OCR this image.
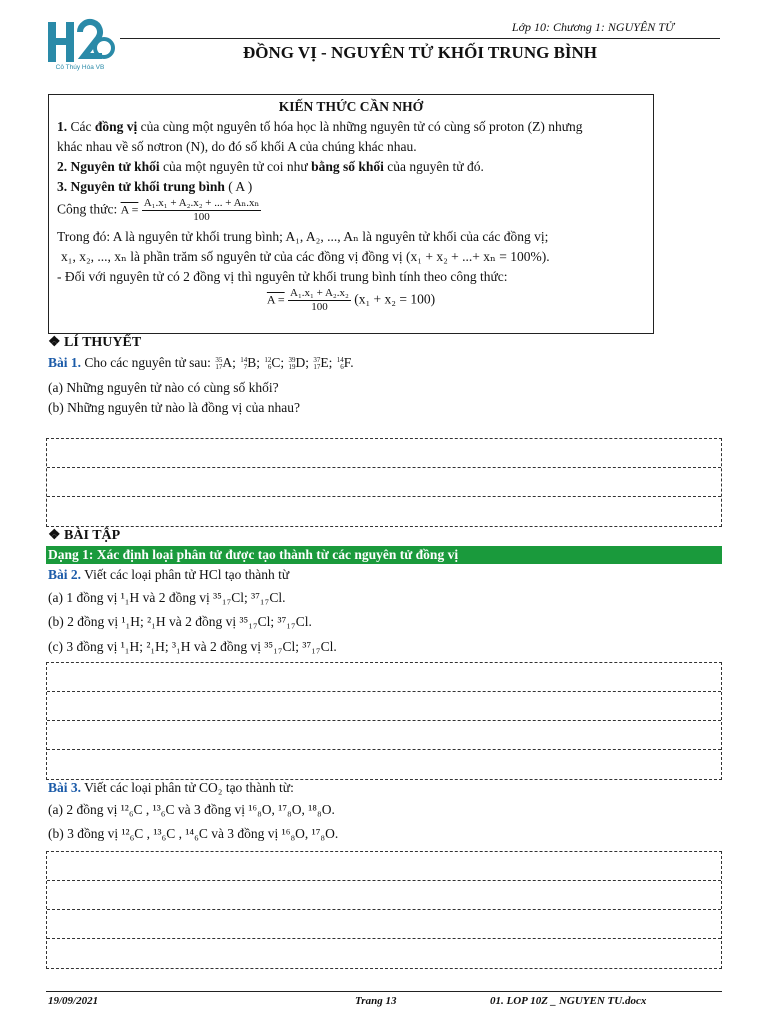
Cô Thúy Hóa VB
Lớp 10: Chương 1: NGUYÊN TỬ
ĐỒNG VỊ - NGUYÊN TỬ KHỐI TRUNG BÌNH
KIẾN THỨC CẦN NHỚ
1. Các đồng vị của cùng một nguyên tố hóa học là những nguyên tử có cùng số proton (Z) nhưng
khác nhau về số nơtron (N), do đó số khối A của chúng khác nhau.
2. Nguyên tử khối của một nguyên tử coi như bằng số khối của nguyên tử đó.
3. Nguyên tử khối trung bình ( A )
Công thức: $A = \frac{\text{A₁.x₁ + A₂.x₂ + ... + Aₙ.xₙ}}{100}$
Trong đó: A là nguyên tử khối trung bình; A₁, A₂, ..., Aₙ là nguyên tử khối của các đồng vị;
x₁, x₂, ..., xₙ là phần trăm số nguyên tử của các đồng vị đồng vị (x₁ + x₂ + ...+ xₙ = 100%).
- Đối với nguyên tử có 2 đồng vị thì nguyên tử khối trung bình tính theo công thức:
$A = \frac{\text{A₁.x₁ + A₂.x₂}}{100} (x_1 + x_2 = 100)$
❖ LÍ THUYẾT
Bài 1. Cho các nguyên tử sau: 35
17 A; 14
7 B; 12
6 C; 39
19 D; 37
17 E; 14
6 F.
(a) Những nguyên tử nào có cùng số khối?
(b) Những nguyên tử nào là đồng vị của nhau?
❖ BÀI TẬP
Dạng 1: Xác định loại phân tử được tạo thành từ các nguyên tử đồng vị
Bài 2. Viết các loại phân tử HCl tạo thành từ
(a) 1 đồng vị ¹₁H và 2 đồng vị ³⁵₁₇Cl; ³⁷₁₇Cl.
(b) 2 đồng vị ¹₁H; ²₁H và 2 đồng vị ³⁵₁₇Cl; ³⁷₁₇Cl.
(c) 3 đồng vị ¹₁H; ²₁H; ³₁H và 2 đồng vị ³⁵₁₇Cl; ³⁷₁₇Cl.
Bài 3. Viết các loại phân tử CO₂ tạo thành từ:
(a) 2 đồng vị ¹²₆C , ¹³₆C và 3 đồng vị ¹⁶₈O, ¹⁷₈O, ¹⁸₈O.
(b) 3 đồng vị ¹²₆C , ¹³₆C , ¹⁴₆C và 3 đồng vị ¹⁶₈O, ¹⁷₈O.
19/09/2021	Trang 13	01. LOP 10Z _ NGUYEN TU.docx
